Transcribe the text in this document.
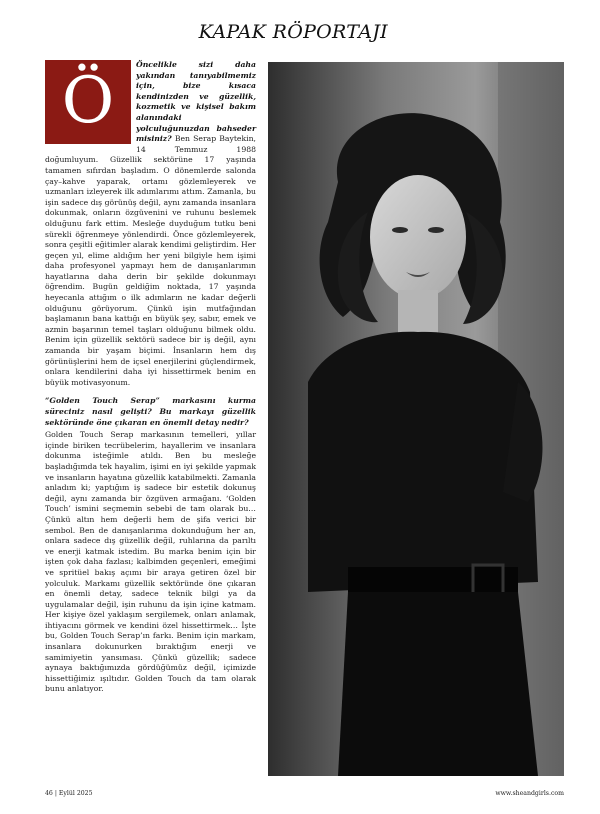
KAPAK RÖPORTAJI
Ö	Öncelikle sizi daha yakından tanıyabilmemiz için, bize kısaca kendinizden ve güzellik, kozmetik ve kişisel bakım alanındaki yolculuğunuzdan bahseder misiniz? Ben Serap Baytekin, 14 Temmuz 1988 doğumluyum. Güzellik sektörüne 17 yaşında tamamen sıfırdan başladım. O dönemlerde salonda çay–kahve yaparak, ortamı gözlemleyerek ve uzmanları izleyerek ilk adımlarımı attım. Zamanla, bu işin sadece dış görünüş değil, aynı zamanda insanlara dokunmak, onların özgüvenini ve ruhunu beslemek olduğunu fark ettim. Mesleğe duyduğum tutku beni sürekli öğrenmeye yönlendirdi. Önce gözlemleyerek, sonra çeşitli eğitimler alarak kendimi geliştirdim. Her geçen yıl, elime aldığım her yeni bilgiyle hem işimi daha profesyonel yapmayı hem de danışanlarımın hayatlarına daha derin bir şekilde dokunmayı öğrendim. Bugün geldiğim noktada, 17 yaşında heyecanla attığım o ilk adımların ne kadar değerli olduğunu görüyorum. Çünkü işin mutfağından başlamanın bana kattığı en büyük şey, sabır, emek ve azmin başarının temel taşları olduğunu bilmek oldu. Benim için güzellik sektörü sadece bir iş değil, aynı zamanda bir yaşam biçimi. İnsanların hem dış görünüşlerini hem de içsel enerjilerini güçlendirmek, onlara kendilerini daha iyi hissettirmek benim en büyük motivasyonum.
“Golden Touch Serap” markasını kurma süreciniz nasıl gelişti? Bu markayı güzellik sektöründe öne çıkaran en önemli detay nedir?
Golden Touch Serap markasının temelleri, yıllar içinde biriken tecrübelerim, hayallerim ve insanlara dokunma isteğimle atıldı. Ben bu mesleğe başladığımda tek hayalim, işimi en iyi şekilde yapmak ve insanların hayatına güzellik katabilmekti. Zamanla anladım ki; yaptığım iş sadece bir estetik dokunuş değil, aynı zamanda bir özgüven armağanı. ‘Golden Touch’ ismini seçmemin sebebi de tam olarak bu… Çünkü altın hem değerli hem de şifa verici bir sembol. Ben de danışanlarıma dokunduğum her an, onlara sadece dış güzellik değil, ruhlarına da parıltı ve enerji katmak istedim. Bu marka benim için bir işten çok daha fazlası; kalbimden geçenleri, emeğimi ve spritüel bakış açımı bir araya getiren özel bir yolculuk. Markamı güzellik sektöründe öne çıkaran en önemli detay, sadece teknik bilgi ya da uygulamalar değil, işin ruhunu da işin içine katmam. Her kişiye özel yaklaşım sergilemek, onları anlamak, ihtiyacını görmek ve kendini özel hissettirmek… İşte bu, Golden Touch Serap’ın farkı. Benim için markam, insanlara dokunurken bıraktığım enerji ve samimiyetin yansıması. Çünkü güzellik; sadece aynaya baktığımızda gördüğümüz değil, içimizde hissettiğimiz ışıltıdır. Golden Touch da tam olarak bunu anlatıyor.
46 | Eylül 2025	www.sheandgirls.com
